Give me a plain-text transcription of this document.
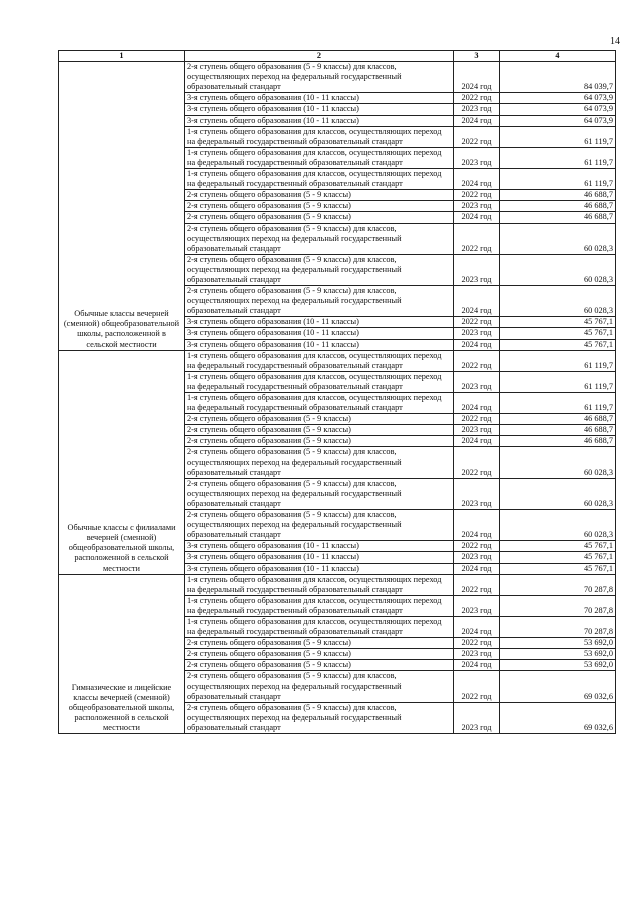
14
1	2	3	4
Обычные классы вечерней (сменной) общеобразовательной школы, расположенной в сельской местности	2-я ступень общего образования (5 - 9 классы) для классов, осуществляющих переход на федеральный государственный образовательный стандарт	2024 год	84 039,7
	3-я ступень общего образования (10 - 11 классы)	2022 год	64 073,9
	3-я ступень общего образования (10 - 11 классы)	2023 год	64 073,9
	3-я ступень общего образования (10 - 11 классы)	2024 год	64 073,9
	1-я ступень общего образования для классов, осуществляющих переход на федеральный государственный образовательный стандарт	2022 год	61 119,7
	1-я ступень общего образования для классов, осуществляющих переход на федеральный государственный образовательный стандарт	2023 год	61 119,7
	1-я ступень общего образования для классов, осуществляющих переход на федеральный государственный образовательный стандарт	2024 год	61 119,7
	2-я ступень общего образования (5 - 9 классы)	2022 год	46 688,7
	2-я ступень общего образования (5 - 9 классы)	2023 год	46 688,7
	2-я ступень общего образования (5 - 9 классы)	2024 год	46 688,7
	2-я ступень общего образования (5 - 9 классы) для классов, осуществляющих переход на федеральный государственный образовательный стандарт	2022 год	60 028,3
	2-я ступень общего образования (5 - 9 классы) для классов, осуществляющих переход на федеральный государственный образовательный стандарт	2023 год	60 028,3
	2-я ступень общего образования (5 - 9 классы) для классов, осуществляющих переход на федеральный государственный образовательный стандарт	2024 год	60 028,3
	3-я ступень общего образования (10 - 11 классы)	2022 год	45 767,1
	3-я ступень общего образования (10 - 11 классы)	2023 год	45 767,1
	3-я ступень общего образования (10 - 11 классы)	2024 год	45 767,1
Обычные классы с филиалами вечерней (сменной) общеобразовательной школы, расположенной в сельской местности	1-я ступень общего образования для классов, осуществляющих переход на федеральный государственный образовательный стандарт	2022 год	61 119,7
	1-я ступень общего образования для классов, осуществляющих переход на федеральный государственный образовательный стандарт	2023 год	61 119,7
	1-я ступень общего образования для классов, осуществляющих переход на федеральный государственный образовательный стандарт	2024 год	61 119,7
	2-я ступень общего образования (5 - 9 классы)	2022 год	46 688,7
	2-я ступень общего образования (5 - 9 классы)	2023 год	46 688,7
	2-я ступень общего образования (5 - 9 классы)	2024 год	46 688,7
	2-я ступень общего образования (5 - 9 классы) для классов, осуществляющих переход на федеральный государственный образовательный стандарт	2022 год	60 028,3
	2-я ступень общего образования (5 - 9 классы) для классов, осуществляющих переход на федеральный государственный образовательный стандарт	2023 год	60 028,3
	2-я ступень общего образования (5 - 9 классы) для классов, осуществляющих переход на федеральный государственный образовательный стандарт	2024 год	60 028,3
	3-я ступень общего образования (10 - 11 классы)	2022 год	45 767,1
	3-я ступень общего образования (10 - 11 классы)	2023 год	45 767,1
	3-я ступень общего образования (10 - 11 классы)	2024 год	45 767,1
Гимназические и лицейские классы вечерней (сменной) общеобразовательной школы, расположенной в сельской местности	1-я ступень общего образования для классов, осуществляющих переход на федеральный государственный образовательный стандарт	2022 год	70 287,8
	1-я ступень общего образования для классов, осуществляющих переход на федеральный государственный образовательный стандарт	2023 год	70 287,8
	1-я ступень общего образования для классов, осуществляющих переход на федеральный государственный образовательный стандарт	2024 год	70 287,8
	2-я ступень общего образования (5 - 9 классы)	2022 год	53 692,0
	2-я ступень общего образования (5 - 9 классы)	2023 год	53 692,0
	2-я ступень общего образования (5 - 9 классы)	2024 год	53 692,0
	2-я ступень общего образования (5 - 9 классы) для классов, осуществляющих переход на федеральный государственный образовательный стандарт	2022 год	69 032,6
	2-я ступень общего образования (5 - 9 классы) для классов, осуществляющих переход на федеральный государственный образовательный стандарт	2023 год	69 032,6
